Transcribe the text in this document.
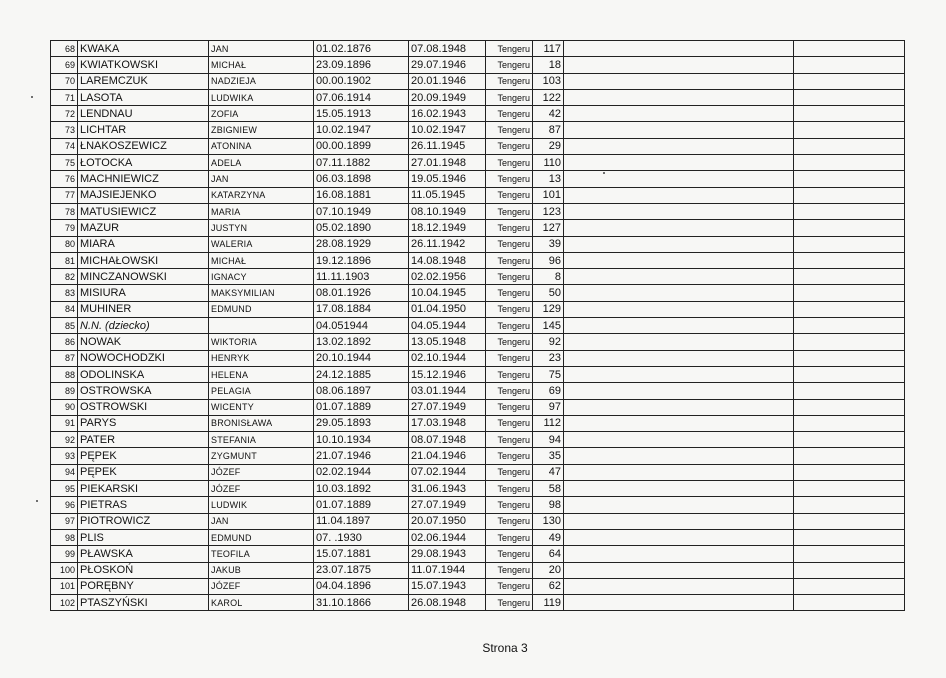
68	KWAKA	JAN	01.02.1876	07.08.1948	Tengeru	117		
69	KWIATKOWSKI	MICHAŁ	23.09.1896	29.07.1946	Tengeru	18		
70	LAREMCZUK	NADZIEJA	00.00.1902	20.01.1946	Tengeru	103		
71	LASOTA	LUDWIKA	07.06.1914	20.09.1949	Tengeru	122		
72	LENDNAU	ZOFIA	15.05.1913	16.02.1943	Tengeru	42		
73	LICHTAR	ZBIGNIEW	10.02.1947	10.02.1947	Tengeru	87		
74	ŁNAKOSZEWICZ	ATONINA	00.00.1899	26.11.1945	Tengeru	29		
75	ŁOTOCKA	ADELA	07.11.1882	27.01.1948	Tengeru	110		
76	MACHNIEWICZ	JAN	06.03.1898	19.05.1946	Tengeru	13		
77	MAJSIEJENKO	KATARZYNA	16.08.1881	11.05.1945	Tengeru	101		
78	MATUSIEWICZ	MARIA	07.10.1949	08.10.1949	Tengeru	123		
79	MAZUR	JUSTYN	05.02.1890	18.12.1949	Tengeru	127		
80	MIARA	WALERIA	28.08.1929	26.11.1942	Tengeru	39		
81	MICHAŁOWSKI	MICHAŁ	19.12.1896	14.08.1948	Tengeru	96		
82	MINCZANOWSKI	IGNACY	11.11.1903	02.02.1956	Tengeru	8		
83	MISIURA	MAKSYMILIAN	08.01.1926	10.04.1945	Tengeru	50		
84	MUHINER	EDMUND	17.08.1884	01.04.1950	Tengeru	129		
85	N.N. (dziecko)		04.051944	04.05.1944	Tengeru	145		
86	NOWAK	WIKTORIA	13.02.1892	13.05.1948	Tengeru	92		
87	NOWOCHODZKI	HENRYK	20.10.1944	02.10.1944	Tengeru	23		
88	ODOLINSKA	HELENA	24.12.1885	15.12.1946	Tengeru	75		
89	OSTROWSKA	PELAGIA	08.06.1897	03.01.1944	Tengeru	69		
90	OSTROWSKI	WICENTY	01.07.1889	27.07.1949	Tengeru	97		
91	PARYS	BRONISŁAWA	29.05.1893	17.03.1948	Tengeru	112		
92	PATER	STEFANIA	10.10.1934	08.07.1948	Tengeru	94		
93	PĘPEK	ZYGMUNT	21.07.1946	21.04.1946	Tengeru	35		
94	PĘPEK	JÓZEF	02.02.1944	07.02.1944	Tengeru	47		
95	PIEKARSKI	JÓZEF	10.03.1892	31.06.1943	Tengeru	58		
96	PIETRAS	LUDWIK	01.07.1889	27.07.1949	Tengeru	98		
97	PIOTROWICZ	JAN	11.04.1897	20.07.1950	Tengeru	130		
98	PLIS	EDMUND	07. .1930	02.06.1944	Tengeru	49		
99	PŁAWSKA	TEOFILA	15.07.1881	29.08.1943	Tengeru	64		
100	PŁOSKOŃ	JAKUB	23.07.1875	11.07.1944	Tengeru	20		
101	PORĘBNY	JÓZEF	04.04.1896	15.07.1943	Tengeru	62		
102	PTASZYŃSKI	KAROL	31.10.1866	26.08.1948	Tengeru	119		
Strona 3
